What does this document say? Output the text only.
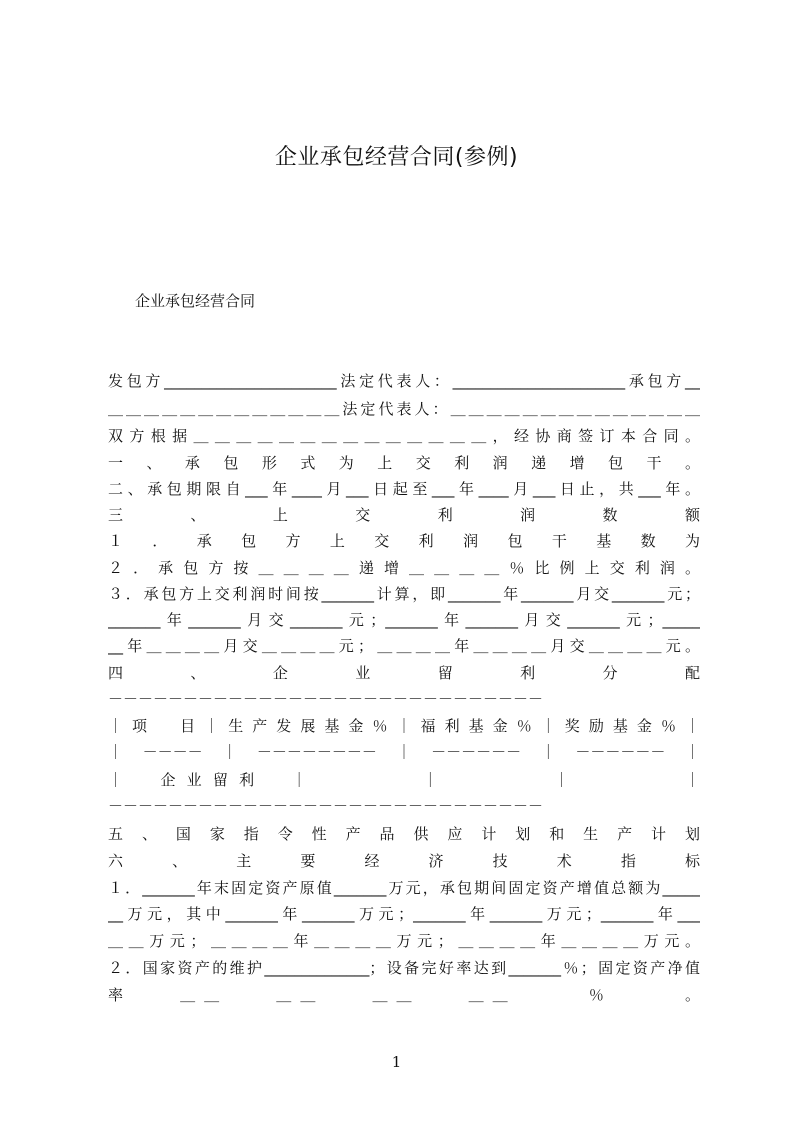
企业承包经营合同(参例)
企业承包经营合同
发包方_______________________法定代表人：_______________________承包方__
＿＿＿＿＿＿＿＿＿＿＿＿＿法定代表人：＿＿＿＿＿＿＿＿＿＿＿＿＿＿
双方根据＿＿＿＿＿＿＿＿＿＿＿＿＿＿，经协商签订本合同。
一、承包形式为上交利润递增包干。
二、承包期限自___年____月___日起至___年____月___日止，共___年。
三、上交利润数额
１．承包方上交利润包干基数为
２．承包方按＿＿＿＿递增＿＿＿＿％比例上交利润。
３．承包方上交利润时间按_______计算，即_______年_______月交_______元；
_______年_______月交_______元；_______年_______月交_______元；_____
__年＿＿＿＿月交＿＿＿＿元；＿＿＿＿年＿＿＿＿月交＿＿＿＿元。
四、企业留利分配
－－－－－－－－－－－－－－－－－－－－－－－－－－－－－
｜项　目｜生产发展基金％｜福利基金％｜奖励基金％｜
｜－－－－｜－－－－－－－－｜－－－－－－｜－－－－－－｜
｜　企业留利　｜　　　　｜　　　　｜　　　　｜
－－－－－－－－－－－－－－－－－－－－－－－－－－－－－
五、国家指令性产品供应计划和生产计划
六、主要经济技术指标
１．_______年末固定资产原值_______万元，承包期间固定资产增值总额为_____
__万元，其中_______年_______万元；_______年_______万元；_______年___
＿＿万元；＿＿＿＿年＿＿＿＿万元；＿＿＿＿年＿＿＿＿万元。
２．国家资产的维护______________；设备完好率达到_______％；固定资产净值
率　　＿＿　　＿＿　　＿＿　　＿＿　　　％　　　。
1
